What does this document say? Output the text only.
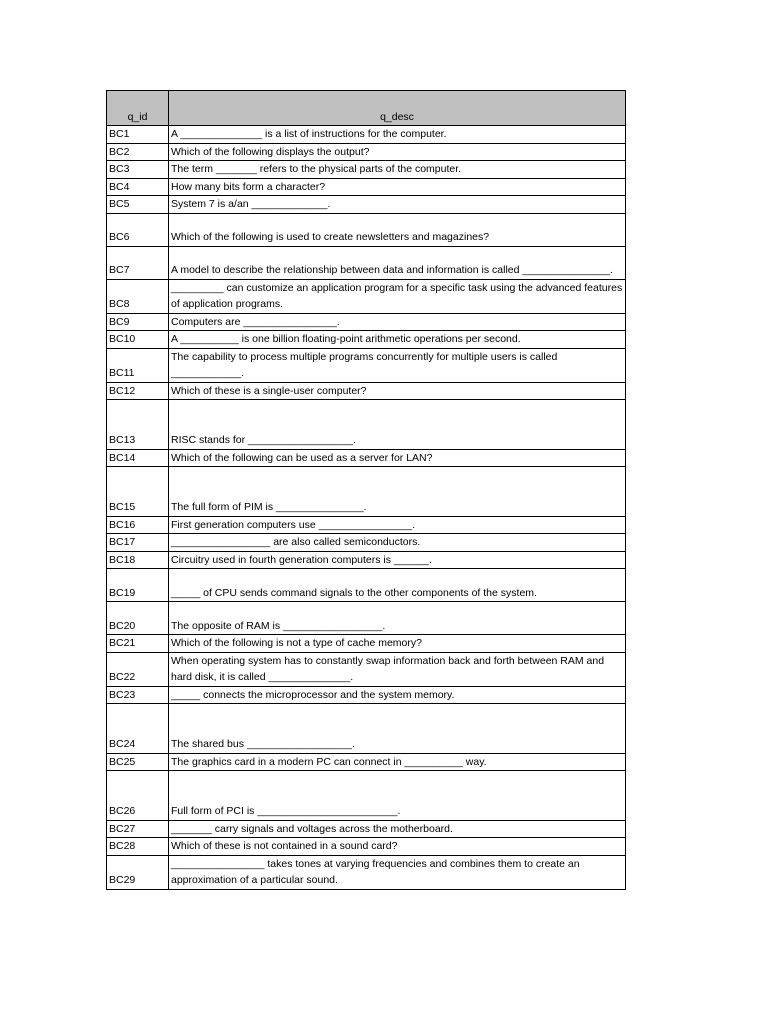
q_id	q_desc
BC1	A ______________ is a list of instructions for the computer.
BC2	Which of the following displays the output?
BC3	The term _______ refers to the physical parts of the computer.
BC4	How many bits form a character?
BC5	System 7 is a/an _____________.
BC6	Which of the following is used to create newsletters and magazines?
BC7	A model to describe the relationship between data and information is called _______________.
BC8	_________ can customize an application program for a specific task using the advanced features of application programs.
BC9	Computers are ________________.
BC10	A __________ is one billion floating-point arithmetic operations per second.
BC11	The capability to process multiple programs concurrently for multiple users is called ____________.
BC12	Which of these is a single-user computer?
BC13	RISC stands for __________________.
BC14	Which of the following can be used as a server for LAN?
BC15	The full form of PIM is _______________.
BC16	First generation computers use ________________.
BC17	_________________ are also called semiconductors.
BC18	Circuitry used in fourth generation computers is ______.
BC19	_____ of CPU sends command signals to the other components of the system.
BC20	The opposite of RAM is _________________.
BC21	Which of the following is not a type of cache memory?
BC22	When operating system has to constantly swap information back and forth between RAM and hard disk, it is called ______________.
BC23	_____ connects the microprocessor and the system memory.
BC24	The shared bus __________________.
BC25	The graphics card in a modern PC can connect in __________ way.
BC26	Full form of PCI is ________________________.
BC27	_______ carry signals and voltages across the motherboard.
BC28	Which of these is not contained in a sound card?
BC29	________________ takes tones at varying frequencies and combines them to create an approximation of a particular sound.
